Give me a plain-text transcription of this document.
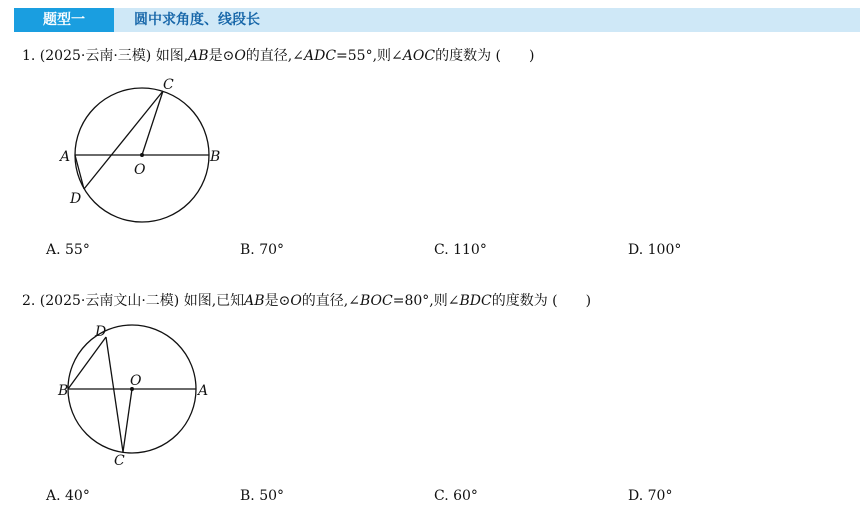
题型一	圆中求角度、线段长
1. (2025·云南·三模) 如图,AB是⊙O的直径,∠ADC=55°,则∠AOC的度数为 (　　)
A	B
C
D
O
D
B
O
A
C
A. 55°	B. 70°	C. 110°	D. 100°
2. (2025·云南文山·二模) 如图,已知AB是⊙O的直径,∠BOC=80°,则∠BDC的度数为 (　　)
A. 40°	B. 50°	C. 60°	D. 70°
